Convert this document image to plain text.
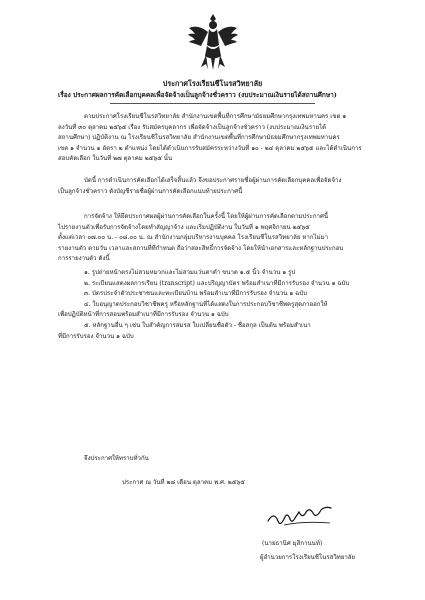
ประกาศโรงเรียนชีโนรสวิทยาลัย
เรื่อง ประกาศผลการคัดเลือกบุคคลเพื่อจัดจ้างเป็นลูกจ้างชั่วคราว (งบประมาณเงินรายได้สถานศึกษา)
ตามประกาศโรงเรียนชีโนรสวิทยาลัย สำนักงานเขตพื้นที่การศึกษามัธยมศึกษากรุงเทพมหานคร เขต ๑
ลงวันที่ ๓๐ ตุลาคม ๒๕๖๕ เรื่อง รับสมัครบุคลากร เพื่อจัดจ้างเป็นลูกจ้างชั่วคราว (งบประมาณเงินรายได้
สถานศึกษา) ปฏิบัติงาน ณ โรงเรียนชีโนรสวิทยาลัย สำนักงานเขตพื้นที่การศึกษามัธยมศึกษากรุงเทพมหานคร
เขต ๑ จำนวน ๑ อัตรา ๒ ตำแหน่ง โดยได้ดำเนินการรับสมัครระหว่างวันที่ ๑๐ - ๒๔ ตุลาคม ๒๕๖๕ และได้ดำเนินการ
สอบคัดเลือก ในวันที่ ๒๗ ตุลาคม ๒๕๖๕ นั้น
บัดนี้ การดำเนินการคัดเลือกได้เสร็จสิ้นแล้ว จึงขอประกาศรายชื่อผู้ผ่านการคัดเลือกบุคคลเพื่อจัดจ้าง
เป็นลูกจ้างชั่วคราว ดังบัญชีรายชื่อผู้ผ่านการคัดเลือกแนบท้ายประกาศนี้
การจัดจ้าง ให้ยึดประกาศผลผู้ผ่านการคัดเลือกในครั้งนี้ โดยให้ผู้ผ่านการคัดเลือกตามประกาศนี้
ไปรายงานตัวเพื่อรับการจัดจ้างโดยทำสัญญาจ้าง และเริ่มปฏิบัติงาน ในวันที่ ๑ พฤศจิกายน ๒๕๖๕
ตั้งแต่เวลา ๐๗.๐๐ น. - ๐๘.๐๐ น. ณ สำนักงานกลุ่มบริหารงานบุคคล โรงเรียนชีโนรสวิทยาลัย หากไม่มา
รายงานตัว ตามวัน เวลาและสถานที่ที่กำหนด ถือว่าสละสิทธิ์การจัดจ้าง โดยให้นำเอกสารและหลักฐานประกอบ
การรายงานตัว ดังนี้
๑. รูปถ่ายหน้าตรงไม่สวมหมวกและไม่สวมแว่นตาดำ ขนาด ๑.๕ นิ้ว จำนวน ๑ รูป
๒. ระเบียนแสดงผลการเรียน (transcript) และปริญญาบัตร พร้อมสำเนาที่มีการรับรอง จำนวน ๑ ฉบับ
๓. บัตรประจำตัวประชาชนและทะเบียนบ้าน พร้อมสำเนาที่มีการรับรอง จำนวน ๑ ฉบับ
๔. ใบอนุญาตประกอบวิชาชีพครู หรือหลักฐานที่ได้แสดงในการประกอบวิชาชีพครูสุดภาออกให้
เพื่อปฏิบัติหน้าที่การสอนพร้อมสำเนาที่มีการรับรอง จำนวน ๑ ฉบับ
๕. หลักฐานอื่น ๆ เช่น ใบสำคัญการสมรส ใบเปลี่ยนชื่อตัว - ชื่อสกุล เป็นต้น พร้อมสำเนา
ที่มีการรับรอง จำนวน ๑ ฉบับ
จึงประกาศให้ทราบทั่วกัน
ประกาศ ณ วันที่ ๒๘ เดือน ตุลาคม พ.ศ. ๒๕๖๕
(นายธานิศ มุสิกานนท์)
ผู้อำนวยการโรงเรียนชีโนรสวิทยาลัย
